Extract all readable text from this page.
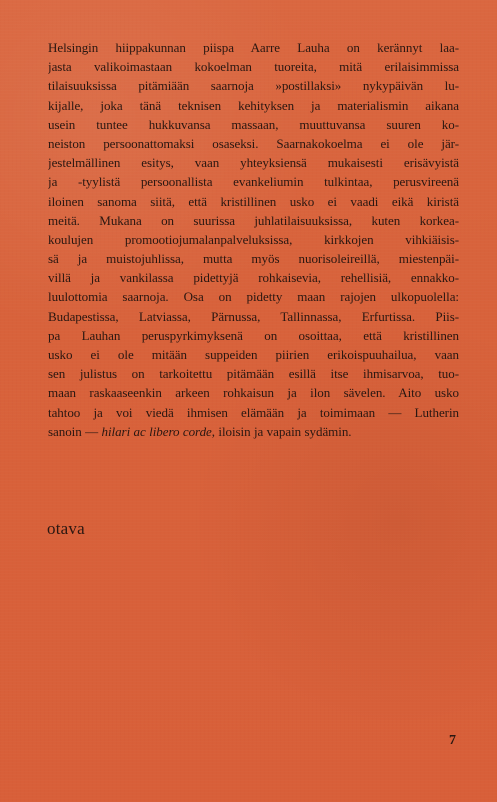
Helsingin hiippakunnan piispa Aarre Lauha on kerännyt laa-
jasta valikoimastaan kokoelman tuoreita, mitä erilaisimmissa
tilaisuuksissa pitämiään saarnoja »postillaksi» nykypäivän lu-
kijalle, joka tänä teknisen kehityksen ja materialismin aikana
usein tuntee hukkuvansa massaan, muuttuvansa suuren ko-
neiston persoonattomaksi osaseksi. Saarnakokoelma ei ole jär-
jestelmällinen esitys, vaan yhteyksiensä mukaisesti erisävyistä
ja -tyylistä persoonallista evankeliumin tulkintaa, perusvireenä
iloinen sanoma siitä, että kristillinen usko ei vaadi eikä kiristä
meitä. Mukana on suurissa juhlatilaisuuksissa, kuten korkea-
koulujen promootiojumalanpalveluksissa, kirkkojen vihkiäisis-
sä ja muistojuhlissa, mutta myös nuorisoleireillä, miestenpäi-
villä ja vankilassa pidettyjä rohkaisevia, rehellisiä, ennakko-
luulottomia saarnoja. Osa on pidetty maan rajojen ulkopuolella:
Budapestissa, Latviassa, Pärnussa, Tallinnassa, Erfurtissa. Piis-
pa Lauhan peruspyrkimyksenä on osoittaa, että kristillinen
usko ei ole mitään suppeiden piirien erikoispuuhailua, vaan
sen julistus on tarkoitettu pitämään esillä itse ihmisarvoa, tuo-
maan raskaaseenkin arkeen rohkaisun ja ilon sävelen. Aito usko
tahtoo ja voi viedä ihmisen elämään ja toimimaan — Lutherin
sanoin — hilari ac libero corde, iloisin ja vapain sydämin.
otava
7
